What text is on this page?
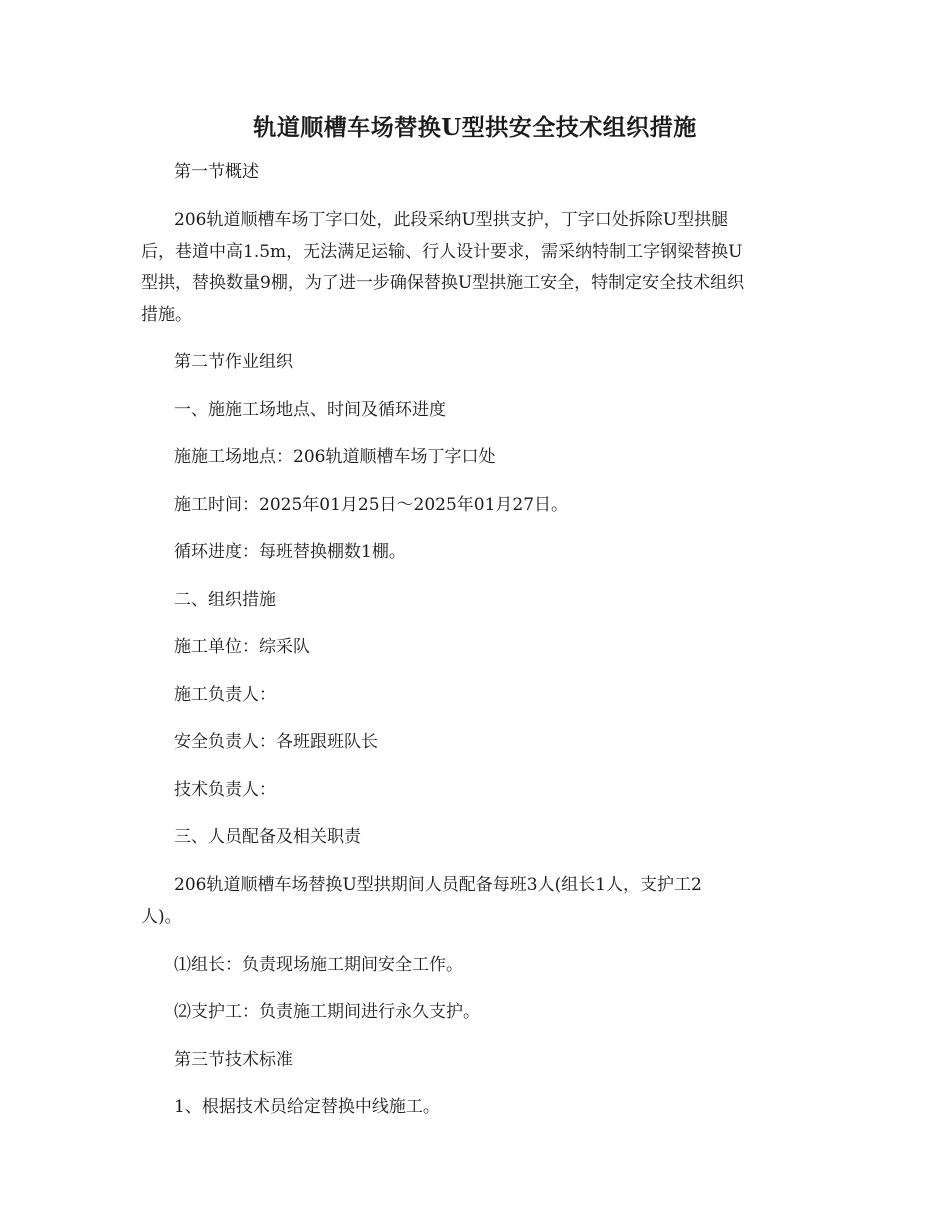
轨道顺槽车场替换U型拱安全技术组织措施
第一节概述
206轨道顺槽车场丁字口处，此段采纳U型拱支护，丁字口处拆除U型拱腿
后，巷道中高1.5m，无法满足运输、行人设计要求，需采纳特制工字钢梁替换U
型拱，替换数量9棚，为了进一步确保替换U型拱施工安全，特制定安全技术组织
措施。
第二节作业组织
一、施施工场地点、时间及循环进度
施施工场地点：206轨道顺槽车场丁字口处
施工时间：2025年01月25日～2025年01月27日。
循环进度：每班替换棚数1棚。
二、组织措施
施工单位：综采队
施工负责人：
安全负责人：各班跟班队长
技术负责人：
三、人员配备及相关职责
206轨道顺槽车场替换U型拱期间人员配备每班3人(组长1人，支护工2
人)。
⑴组长：负责现场施工期间安全工作。
⑵支护工：负责施工期间进行永久支护。
第三节技术标准
1、根据技术员给定替换中线施工。
